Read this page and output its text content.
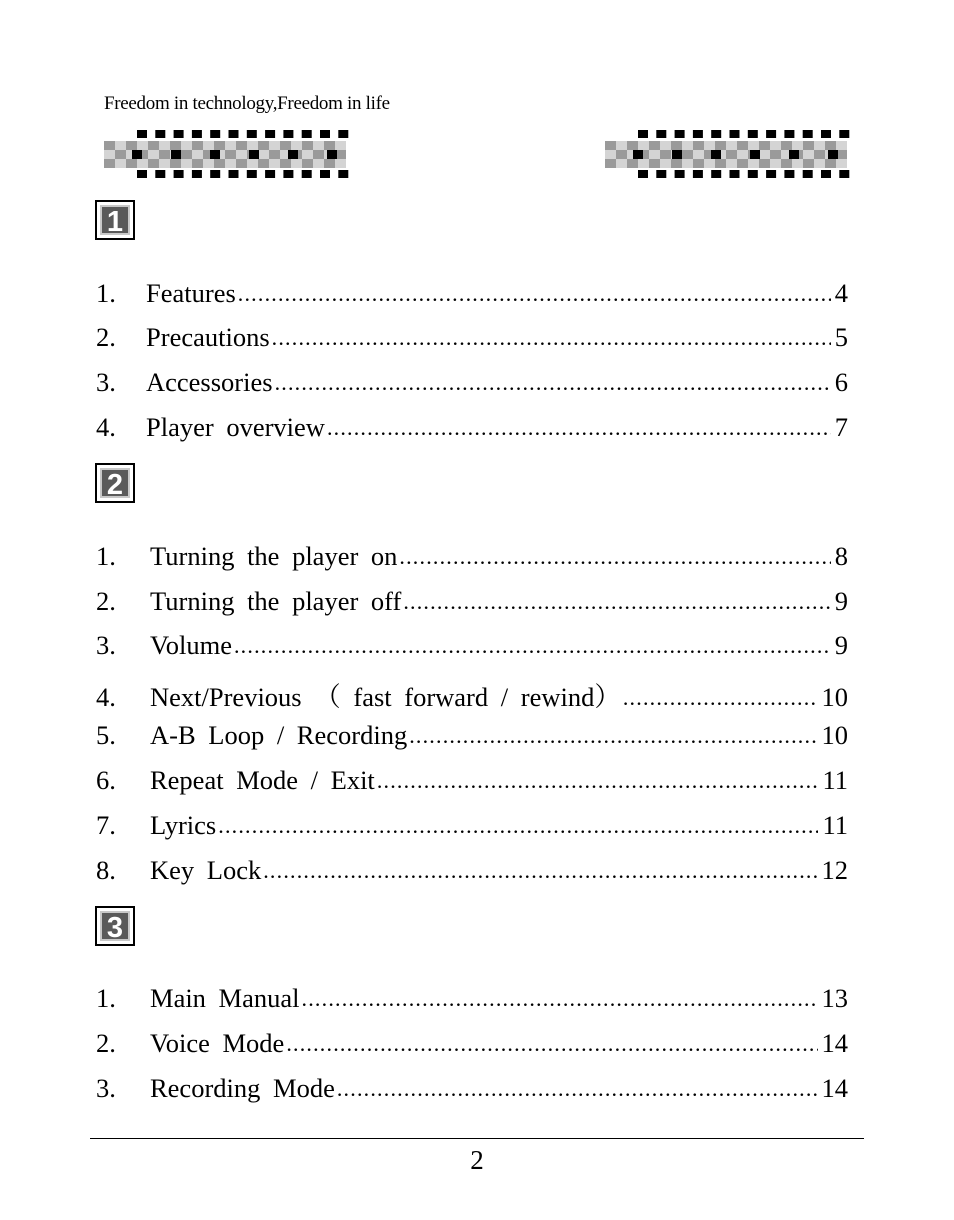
Freedom in technology,Freedom in life
1
1.	Features .....	4
2.	Precautions .....	5
3.	Accessories .....	6
4.	Player overview .....	7
2
1.	Turning the player on .....	8
2.	Turning the player off .....	9
3.	Volume .....	9
4.	Next/Previous （ fast forward / rewind） .....	10
5.	A-B Loop / Recording .....	10
6.	Repeat Mode / Exit .....	11
7.	Lyrics .....	11
8.	Key Lock .....	12
3
1.	Main Manual .....	13
2.	Voice Mode .....	14
3.	Recording Mode .....	14
2
